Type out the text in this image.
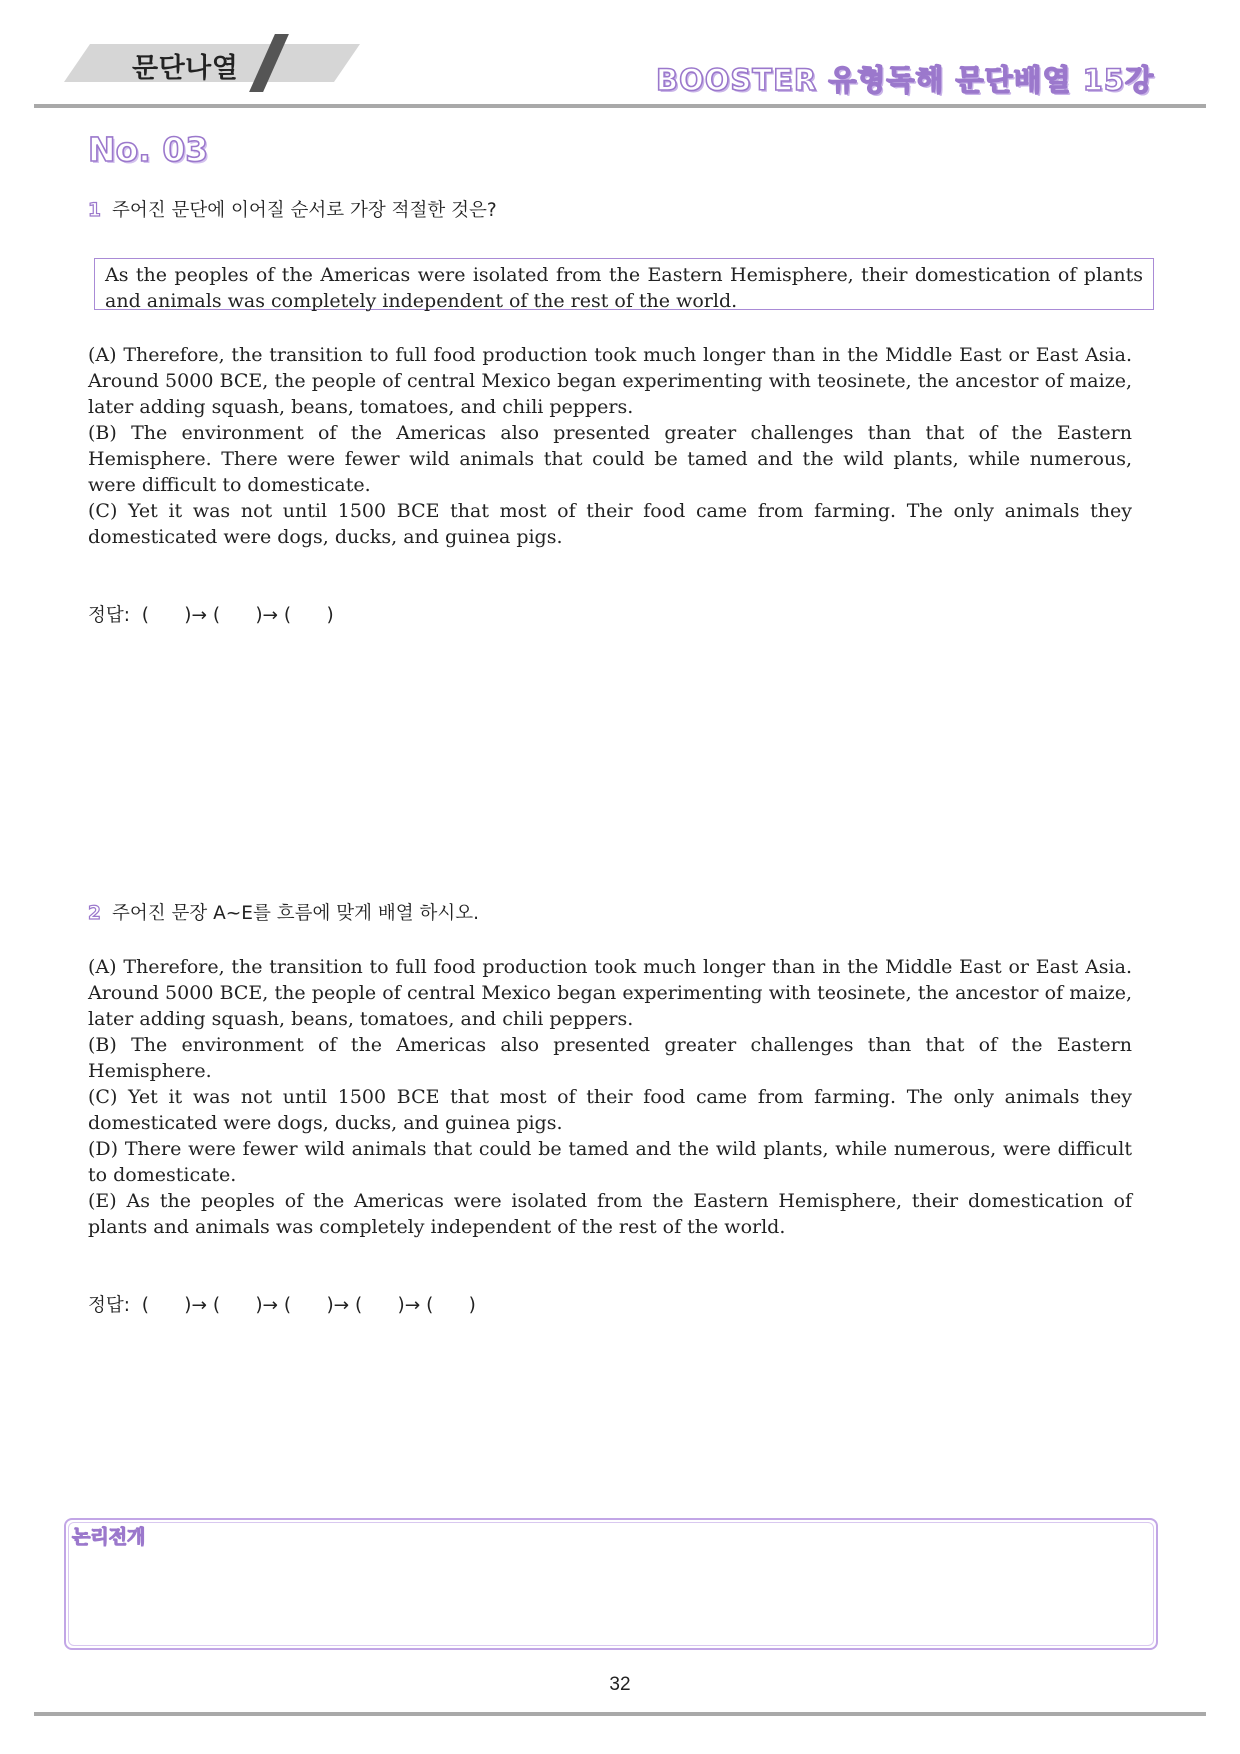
문단나열	BOOSTER 유형독해 문단배열 15강
No. 03
1 주어진 문단에 이어질 순서로 가장 적절한 것은?

As the peoples of the Americas were isolated from the Eastern Hemisphere, their domestication of plants and animals was completely independent of the rest of the world.

(A) Therefore, the transition to full food production took much longer than in the Middle East or East Asia. Around 5000 BCE, the people of central Mexico began experimenting with teosinete, the ancestor of maize, later adding squash, beans, tomatoes, and chili peppers.

(B) The environment of the Americas also presented greater challenges than that of the Eastern Hemisphere. There were fewer wild animals that could be tamed and the wild plants, while numerous, were difficult to domesticate.

(C) Yet it was not until 1500 BCE that most of their food came from farming. The only animals they domesticated were dogs, ducks, and guinea pigs.

정답:  (      )→ (      )→ (      )
2 주어진 문장 A~E를 흐름에 맞게 배열 하시오.

(A) Therefore, the transition to full food production took much longer than in the Middle East or East Asia. Around 5000 BCE, the people of central Mexico began experimenting with teosinete, the ancestor of maize, later adding squash, beans, tomatoes, and chili peppers.

(B) The environment of the Americas also presented greater challenges than that of the Eastern Hemisphere.

(C) Yet it was not until 1500 BCE that most of their food came from farming. The only animals they domesticated were dogs, ducks, and guinea pigs.

(D) There were fewer wild animals that could be tamed and the wild plants, while numerous, were difficult to domesticate.

(E) As the peoples of the Americas were isolated from the Eastern Hemisphere, their domestication of plants and animals was completely independent of the rest of the world.

정답:  (      )→ (      )→ (      )→ (      )→ (      )
논리전개
32
